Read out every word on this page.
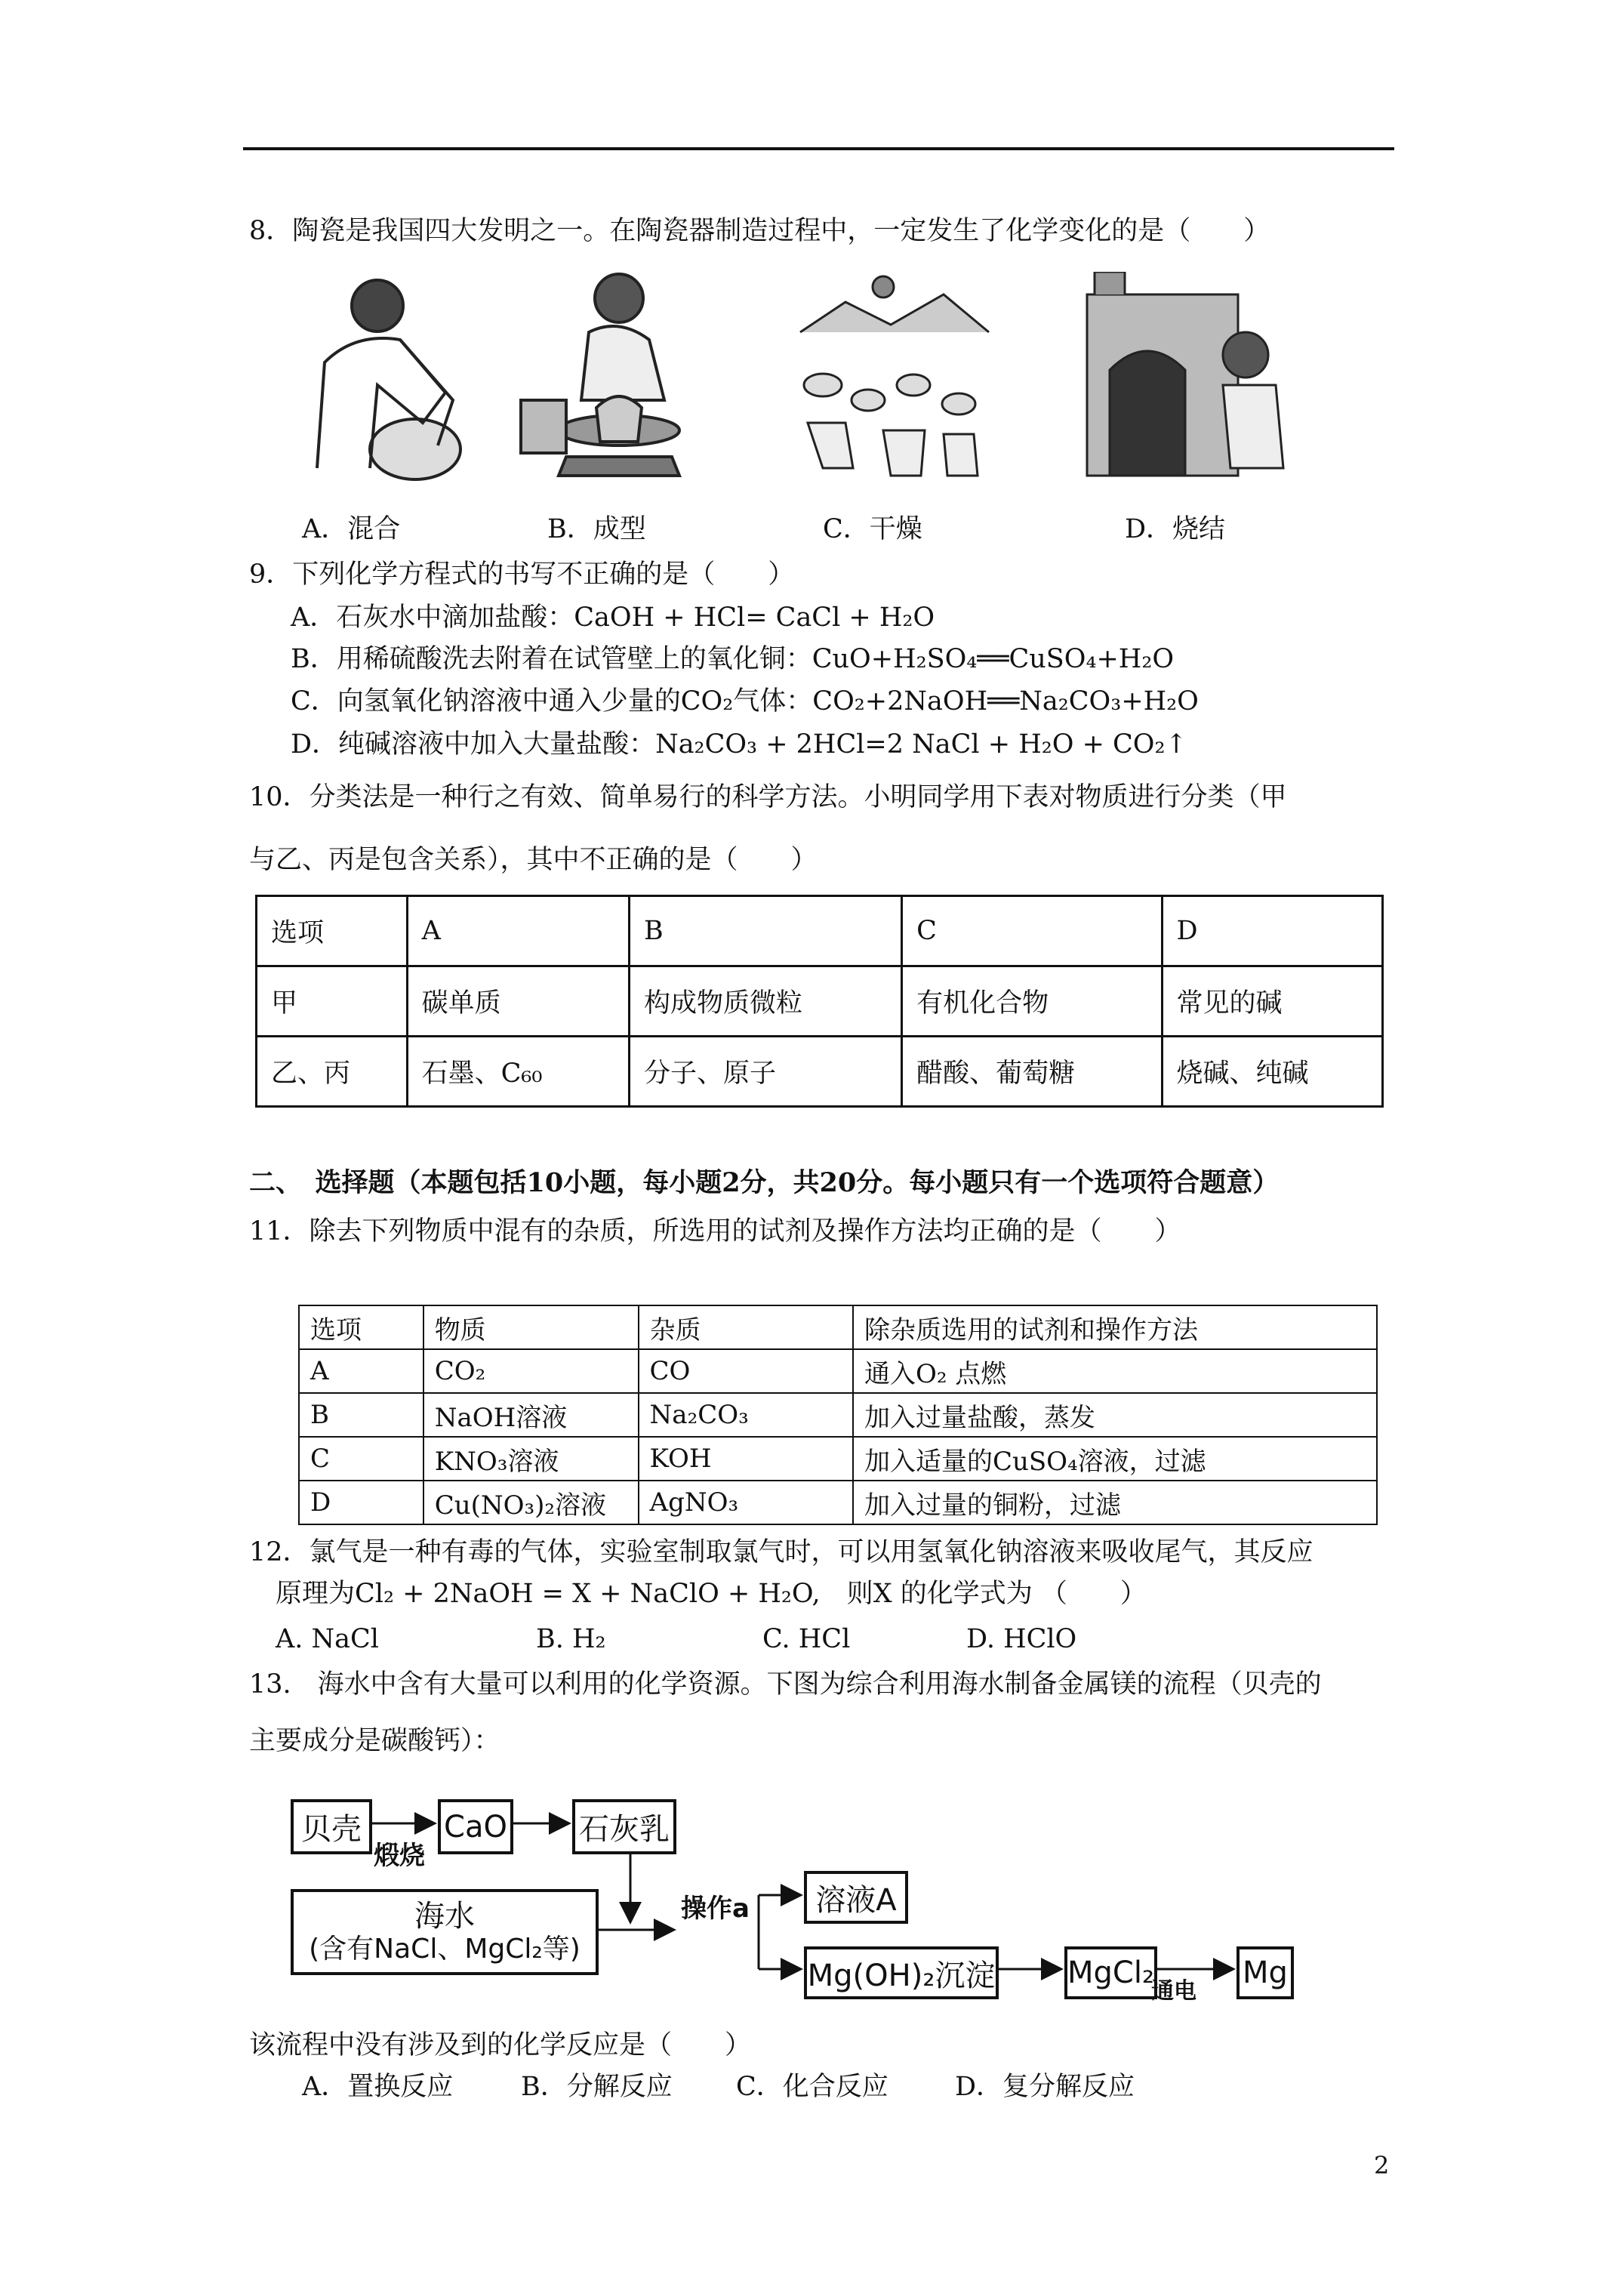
8．陶瓷是我国四大发明之一。在陶瓷器制造过程中，一定发生了化学变化的是（　　）
A．混合	B．成型	C．干燥	D．烧结
9．下列化学方程式的书写不正确的是（　　）
A．石灰水中滴加盐酸：CaOH + HCl= CaCl + H₂O
B．用稀硫酸洗去附着在试管壁上的氧化铜：CuO+H₂SO₄══CuSO₄+H₂O
C．向氢氧化钠溶液中通入少量的CO₂气体：CO₂+2NaOH══Na₂CO₃+H₂O
D．纯碱溶液中加入大量盐酸：Na₂CO₃ + 2HCl=2 NaCl + H₂O + CO₂↑
10．分类法是一种行之有效、简单易行的科学方法。小明同学用下表对物质进行分类（甲
与乙、丙是包含关系），其中不正确的是（　　）
选项	A	B	C	D
甲	碳单质	构成物质微粒	有机化合物	常见的碱
乙、丙	石墨、C₆₀	分子、原子	醋酸、葡萄糖	烧碱、纯碱
二、　选择题（本题包括10小题，每小题2分，共20分。每小题只有一个选项符合题意）
11．除去下列物质中混有的杂质，所选用的试剂及操作方法均正确的是（　　）
选项	物质	杂质	除杂质选用的试剂和操作方法
A	CO₂	CO	通入O₂ 点燃
B	NaOH溶液	Na₂CO₃	加入过量盐酸，蒸发
C	KNO₃溶液	KOH	加入适量的CuSO₄溶液，过滤
D	Cu(NO₃)₂溶液	AgNO₃	加入过量的铜粉，过滤
12．氯气是一种有毒的气体，实验室制取氯气时，可以用氢氧化钠溶液来吸收尾气，其反应
原理为Cl₂ + 2NaOH = X + NaClO + H₂O,　则X 的化学式为 （　　）
A. NaCl	B. H₂	C. HCl	D. HClO
13.　海水中含有大量可以利用的化学资源。下图为综合利用海水制备金属镁的流程（贝壳的
主要成分是碳酸钙）：
贝壳
煅烧
CaO 石灰乳
海水
(含有NaCl、MgCl₂等)
操作a	溶液A
Mg(OH)₂沉淀 MgCl₂
通电
Mg
该流程中没有涉及到的化学反应是（　　）
A．置换反应	B．分解反应 C．化合反应	D．复分解反应
2
